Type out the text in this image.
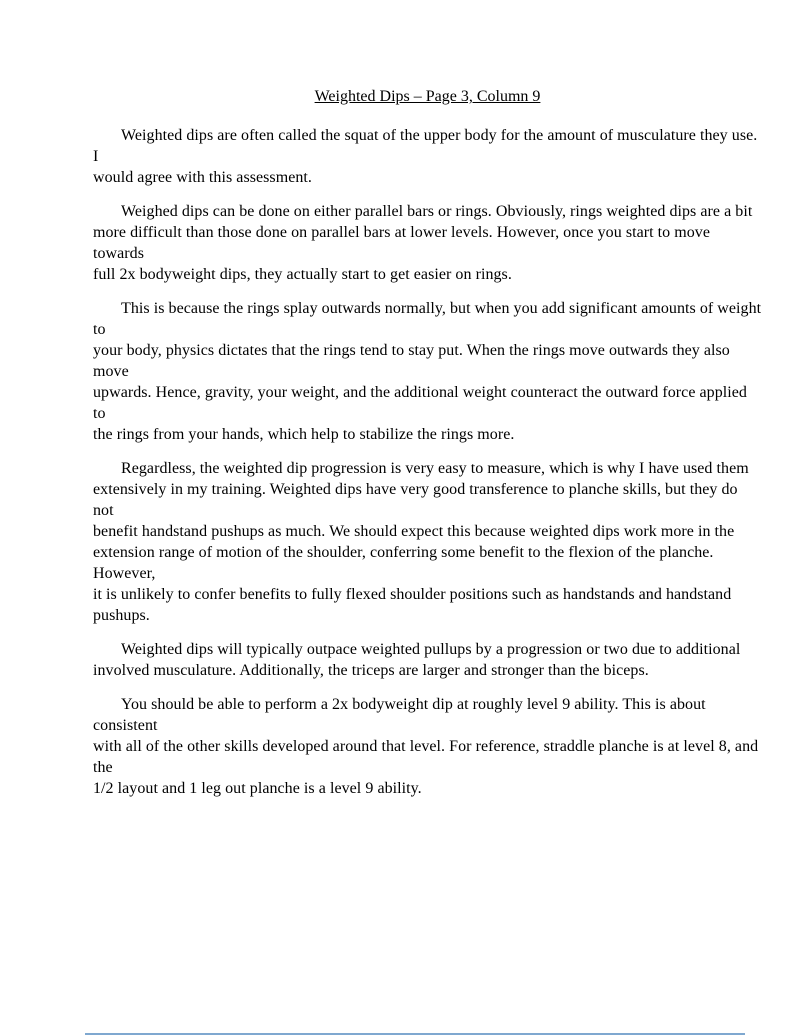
Weighted Dips – Page 3, Column 9

Weighted dips are often called the squat of the upper body for the amount of musculature they use. I
would agree with this assessment.

Weighed dips can be done on either parallel bars or rings. Obviously, rings weighted dips are a bit
more difficult than those done on parallel bars at lower levels. However, once you start to move towards
full 2x bodyweight dips, they actually start to get easier on rings.

This is because the rings splay outwards normally, but when you add significant amounts of weight to
your body, physics dictates that the rings tend to stay put. When the rings move outwards they also move
upwards. Hence, gravity, your weight, and the additional weight counteract the outward force applied to
the rings from your hands, which help to stabilize the rings more.

Regardless, the weighted dip progression is very easy to measure, which is why I have used them
extensively in my training. Weighted dips have very good transference to planche skills, but they do not
benefit handstand pushups as much. We should expect this because weighted dips work more in the
extension range of motion of the shoulder, conferring some benefit to the flexion of the planche. However,
it is unlikely to confer benefits to fully flexed shoulder positions such as handstands and handstand
pushups.

Weighted dips will typically outpace weighted pullups by a progression or two due to additional
involved musculature. Additionally, the triceps are larger and stronger than the biceps.

You should be able to perform a 2x bodyweight dip at roughly level 9 ability. This is about consistent
with all of the other skills developed around that level. For reference, straddle planche is at level 8, and the
1/2 layout and 1 leg out planche is a level 9 ability.
